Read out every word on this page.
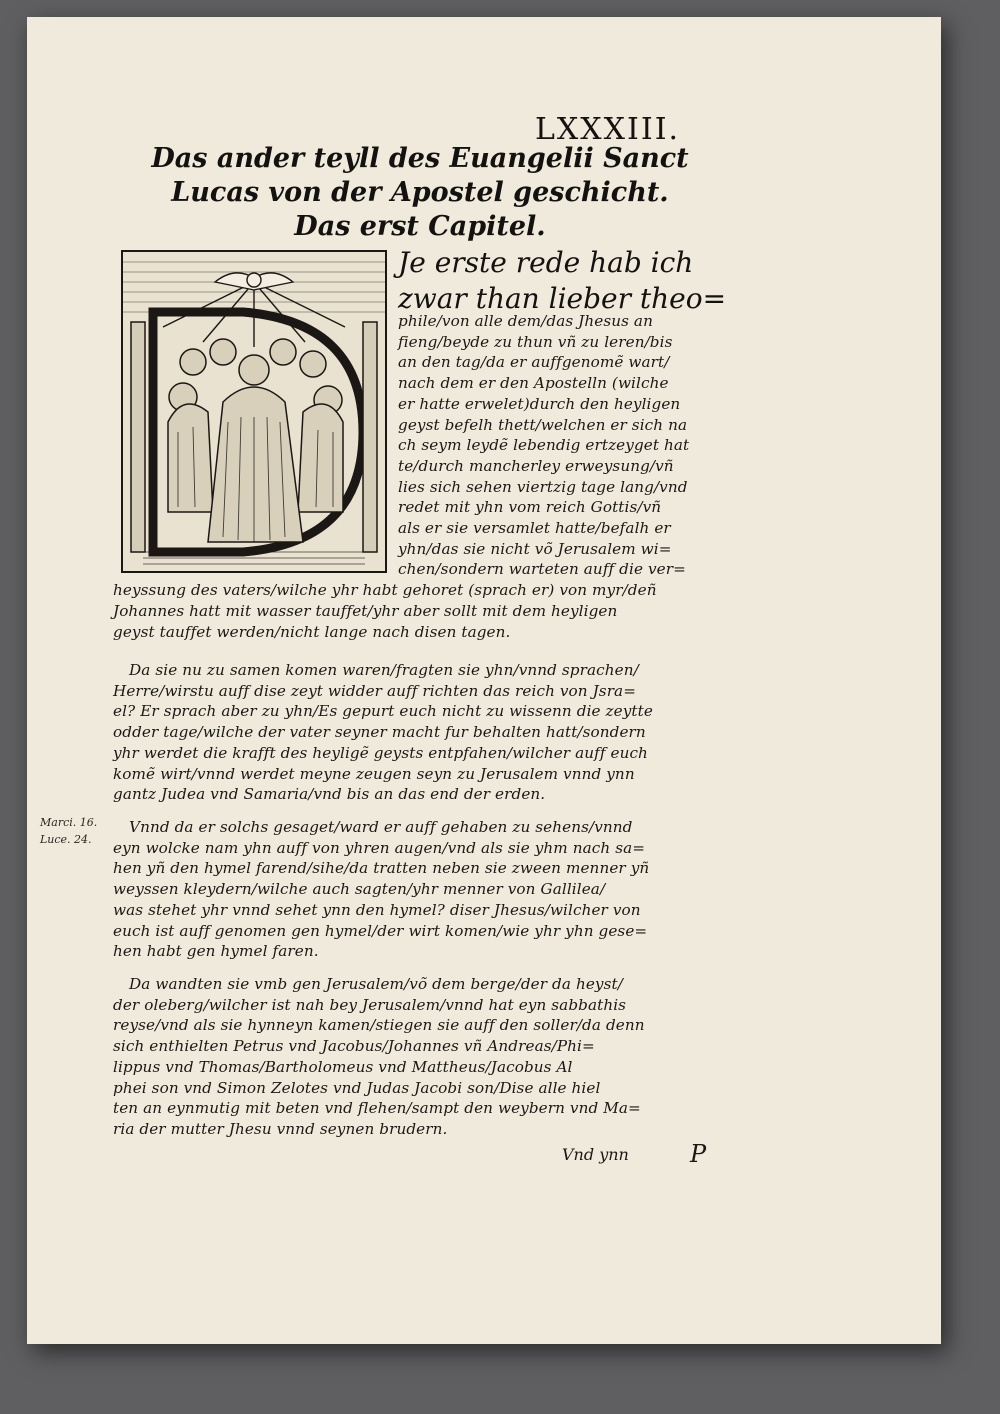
LXXXIII.
Das ander teyll des Euangelii Sanct
Lucas von der Apostel geschicht.
Das erst Capitel.
Je erste rede hab ich
zwar than lieber theo=
phile/von alle dem/das Jhesus an
fieng/beyde zu thun vñ zu leren/bis
an den tag/da er auffgenomẽ wart/
nach dem er den Apostelln (wilche
er hatte erwelet)durch den heyligen
geyst befelh thett/welchen er sich na
ch seym leydẽ lebendig ertzeyget hat
te/durch mancherley erweysung/vñ
lies sich sehen viertzig tage lang/vnd
redet mit yhn vom reich Gottis/vñ
als er sie versamlet hatte/befalh er
yhn/das sie nicht võ Jerusalem wi=
chen/sondern warteten auff die ver=
heyssung des vaters/wilche yhr habt gehoret (sprach er) von myr/deñ
Johannes hatt mit wasser tauffet/yhr aber sollt mit dem heyligen
geyst tauffet werden/nicht lange nach disen tagen.
Da sie nu zu samen komen waren/fragten sie yhn/vnnd sprachen/
Herre/wirstu auff dise zeyt widder auff richten das reich von Jsra=
el? Er sprach aber zu yhn/Es gepurt euch nicht zu wissenn die zeytte
odder tage/wilche der vater seyner macht fur behalten hatt/sondern
yhr werdet die krafft des heyligẽ geysts entpfahen/wilcher auff euch
komẽ wirt/vnnd werdet meyne zeugen seyn zu Jerusalem vnnd ynn
gantz Judea vnd Samaria/vnd bis an das end der erden.
Vnnd da er solchs gesaget/ward er auff gehaben zu sehens/vnnd
eyn wolcke nam yhn auff von yhren augen/vnd als sie yhm nach sa=
hen yñ den hymel farend/sihe/da tratten neben sie zween menner yñ
weyssen kleydern/wilche auch sagten/yhr menner von Gallilea/
was stehet yhr vnnd sehet ynn den hymel? diser Jhesus/wilcher von
euch ist auff genomen gen hymel/der wirt komen/wie yhr yhn gese=
hen habt gen hymel faren.
Da wandten sie vmb gen Jerusalem/võ dem berge/der da heyst/
der oleberg/wilcher ist nah bey Jerusalem/vnnd hat eyn sabbathis
reyse/vnd als sie hynneyn kamen/stiegen sie auff den soller/da denn
sich enthielten Petrus vnd Jacobus/Johannes vñ Andreas/Phi=
lippus vnd Thomas/Bartholomeus vnd Mattheus/Jacobus Al
phei son vnd Simon Zelotes vnd Judas Jacobi son/Dise alle hiel
ten an eynmutig mit beten vnd flehen/sampt den weybern vnd Ma=
ria der mutter Jhesu vnnd seynen brudern.
Marci. 16.
Luce. 24.
Vnd ynn	P
